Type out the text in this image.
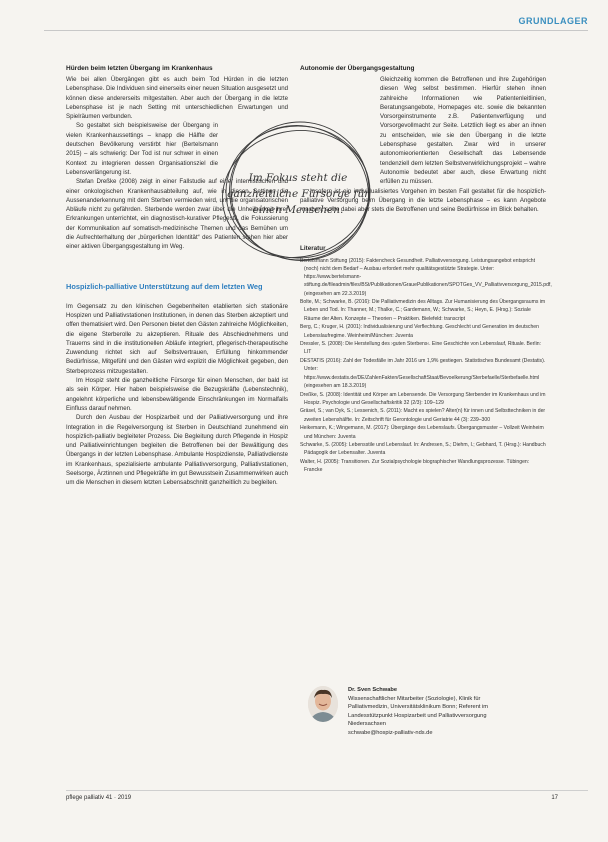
GRUNDLAGER
Hürden beim letzten Übergang im Krankenhaus

Wie bei allen Übergängen gibt es auch beim Tod Hürden in die letzten Lebensphase. Die Individuen sind einerseits einer neuen Situation ausgesetzt und können diese andererseits mitgestalten. Aber auch der Übergang in die letzte Lebensphase ist je nach Setting mit unterschiedlichen Erwartungen und Spielräumen verbunden.

So gestaltet sich beispielsweise der Übergang in vielen Krankenhaussettings – knapp die Hälfte der deutschen Bevölkerung verstirbt hier (Bertelsmann 2015) – als schwierig: Der Tod ist nur schwer in einen Kontext zu integrieren dessen Organisationsziel die Lebensverlängerung ist.

Stefan Dreßke (2008) zeigt in einer Fallstudie auf einer internistischen und einer onkologischen Krankenhausabteilung auf, wie in diesen Settings die Aussenanderkennung mit dem Sterben vermieden wird, um die organisatorischen Abläufe nicht zu gefährden. Sterbende werden zwar über die Unheilbarkeit ihrer Erkrankungen unterrichtet, ein diagnostisch-kurativer Pflegestil, die Fokussierung der Kommunikation auf somatisch-medizinische Themen und das Bemühen um die Aufrechterhaltung der „bürgerlichen Identität“ des Patienten stehen hier aber einer aktiven Übergangsgestaltung im Weg.

Hospizlich-palliative Unterstützung auf dem letzten Weg

Im Gegensatz zu den klinischen Gegebenheiten etablierten sich stationäre Hospizen und Palliativstationen Institutionen, in denen das Sterben akzeptiert und offen thematisiert wird. Den Personen bietet den Gästen zahlreiche Möglichkeiten, die eigene Sterberolle zu akzeptieren. Rituale des Abschiednehmens und Trauerns sind in die institutionellen Abläufe integriert, pflegerisch-therapeutische Zuwendung richtet sich auf Selbstvertrauen, Erfüllung hinkommender Bedürfnisse, Mitgefühl und den Gästen wird explizit die Möglichkeit gegeben, den Sterbeprozess mitzugestalten.

Im Hospiz steht die ganzheitliche Fürsorge für einen Menschen, der bald ist als sein Körper. Hier haben beispielsweise die Bezugskräfte (Lebenstechnik), angelehnt körperliche und lebensbewältigende Einschränkungen im Normalfalls Einfluss darauf nehmen.

Durch den Ausbau der Hospizarbeit und der Palliativversorgung und ihre Integration in die Regelversorgung ist Sterben in Deutschland zunehmend ein hospizlich-palliativ begleiteter Prozess. Die Begleitung durch Pflegende in Hospiz und Palliativeinrichtungen begleiten die Betroffenen bei der Bewältigung des Übergangs in der letzten Lebensphase. Ambulante Hospizdienste, Palliativdienste im Krankenhaus, spezialisierte ambulante Palliativversorgung, Palliativstationen, Seelsorge, Ärztinnen und Pflegekräfte im gut Bewusstsein Zusammenwirken auch um die Menschen in diesem letzten Lebensabschnitt ganzheitlich zu begleiten.

Im Fokus steht die ganzheitliche Fürsorge für einen Menschen.
Autonomie der Übergangsgestaltung

Gleichzeitig kommen die Betroffenen und ihre Zugehörigen diesen Weg selbst bestimmen. Hierfür stehen ihnen zahlreiche Informationen wie Patientenleitlinien, Beratungsangebote, Homepages etc. sowie die bekannten Vorsorgeinstrumente z.B. Patientenverfügung und Vorsorgevollmacht zur Seite. Letztlich liegt es aber an ihnen zu entscheiden, wie sie den Übergang in die letzte Lebensphase gestalten. Zwar wird in unserer autonomieorientierten Gesellschaft das Lebensende tendenziell dem letzten Selbstverwirklichungsprojekt – wahre Autonomie bedeutet aber auch, diese Erwartung nicht erfüllen zu müssen.

Insofern ist ein individualisiertes Vorgehen im besten Fall gestaltet für die hospizlich-palliative Versorgung beim Übergang in die letzte Lebensphase – es kann Angebote machen, sollte dabei aber stets die Betroffenen und seine Bedürfnisse im Blick behalten.

Literatur
Bertelsmann Stiftung (2015): Faktencheck Gesundheit. Palliativversorgung. Leistungsangebot entspricht (noch) nicht dem Bedarf – Ausbau erfordert mehr qualitätsgestützte Strategie. Unter: https://www.bertelsmann-stiftung.de/fileadmin/files/BSt/Publikationen/GrauePublikationen/SPOTGes_VV_Palliativversorgung_2015.pdf, (eingesehen am 22.3.2019)
Bolte, M.; Schwarke, B. (2016): Die Palliativmedizin des Alltags. Zur Humanisierung des Übergangsraums im Leben und Tod. In: Thanner, M.; Thalke, C.; Gardemann, W.; Schwarke, S.; Heyn, E. (Hrsg.): Soziale Räume der Alten. Konzepte – Theorien – Praktiken. Bielefeld: transcript
Berg, C.; Kruger, H. (2001): Individualisierung und Verflechtung. Geschlecht und Generation im deutschen Lebenslaufregime. Weinheim/München: Juventa
Dressler, S. (2008): Die Herstellung des ›guten Sterbens‹. Eine Geschichte von Lebenslauf, Rituale. Berlin: LIT
DESTATIS (2016): Zahl der Todesfälle im Jahr 2016 um 1,9% gestiegen. Statistisches Bundesamt (Destatis). Unter: https://www.destatis.de/DE/ZahlenFakten/GesellschaftStaat/Bevoelkerung/Sterbefaelle/Sterbefaelle.html (eingesehen am 18.3.2019)
Dreßke, S. (2008): Identität und Körper am Lebensende. Die Versorgung Sterbender im Krankenhaus und im Hospiz. Psychologie und Gesellschaftskritik 32 (2/3): 109–129
Gräsel, S.; van Dyk, S.; Lessenich, S. (2011): Macht es spielen? Alter(n) für innen und Selbsttechniken in der zweiten Lebenshälfte. In: Zeitschrift für Gerontologie und Geriatrie 44 (3): 239–300
Heikemann, K.; Wingemann, M. (2017): Übergänge des Lebenslaufs. Übergangsmuster – Vollzeit Weinheim und München: Juventa
Schwarke, S. (2005): Lebensstile und Lebenslauf. In: Andresen, S.; Diehm, I.; Gebhard, T. (Hrsg.): Handbuch Pädagogik der Lebensalter. Juventa
Walter, H. (2005): Transitionen. Zur Sozialpsychologie biographischer Wandlungsprozesse. Tübingen: Francke
Dr. Sven Schwabe
Wissenschaftlicher Mitarbeiter (Soziologie), Klinik für
Palliativmedizin, Universitätsklinikum Bonn; Referent im
Landesstützpunkt Hospizarbeit und Palliativversorgung
Niedersachsen
schwabe@hospiz-palliativ-nds.de
pflege palliativ 41 · 2019	17
